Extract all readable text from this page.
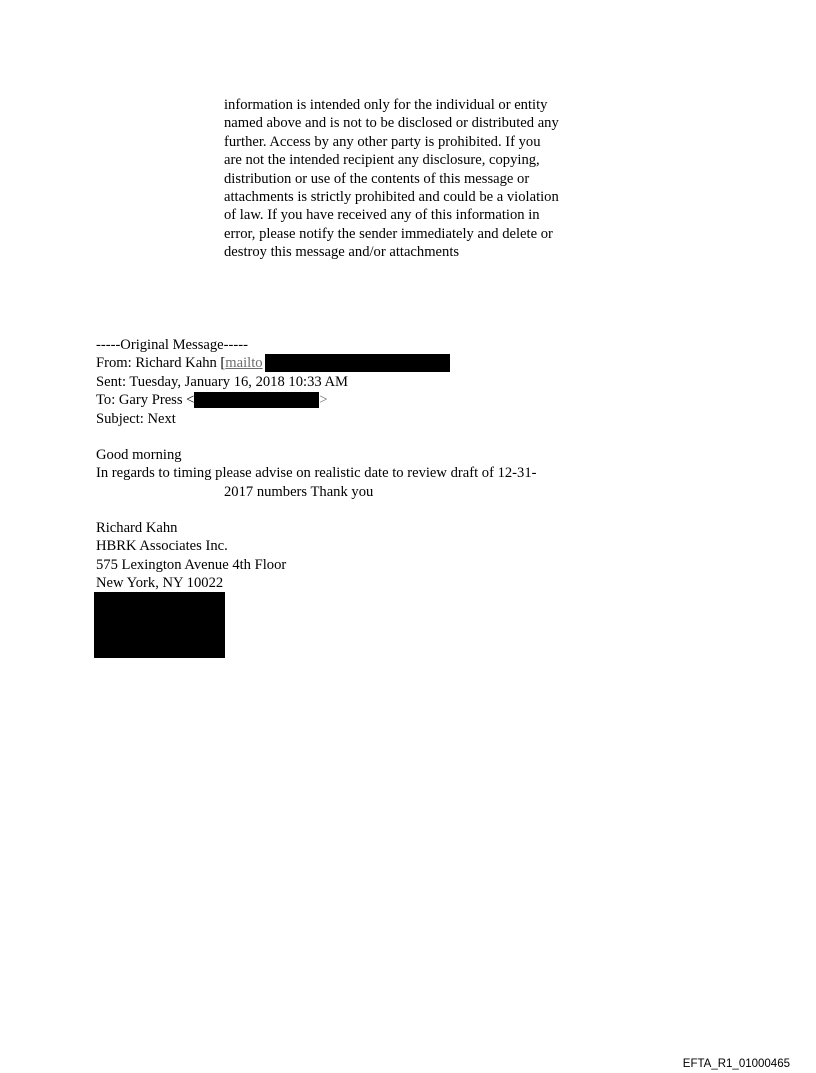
information is intended only for the individual or entity
named above and is not to be disclosed or distributed any
further. Access by any other party is prohibited. If you
are not the intended recipient any disclosure, copying,
distribution or use of the contents of this message or
attachments is strictly prohibited and could be a violation
of law. If you have received any of this information in
error, please notify the sender immediately and delete or
destroy this message and/or attachments
-----Original Message-----
From: Richard Kahn [mailto
Sent: Tuesday, January 16, 2018 10:33 AM
To: Gary Press <	>
Subject: Next
Good morning
In regards to timing please advise on realistic date to review draft of 12-31-
2017 numbers Thank you
Richard Kahn
HBRK Associates Inc.
575 Lexington Avenue 4th Floor
New York, NY 10022
EFTA_R1_01000465
